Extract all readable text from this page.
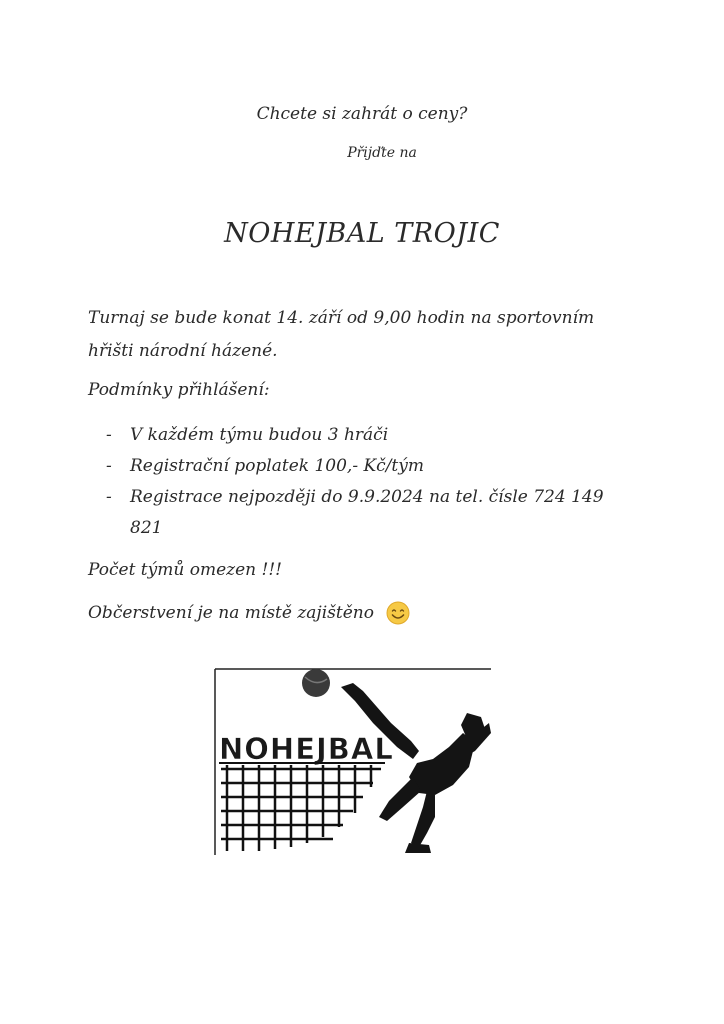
Chcete si zahrát o ceny?
Přijďte na
NOHEJBAL TROJIC
Turnaj se bude konat 14. září od 9,00 hodin na sportovním hřišti národní házené.
Podmínky přihlášení:
- V každém týmu budou 3 hráči
- Registrační poplatek 100,- Kč/tým
- Registrace nejpozději do 9.9.2024 na tel. čísle 724 149 821
Počet týmů omezen !!!
Občerstvení je na místě zajištěno
NOHEJBAL
